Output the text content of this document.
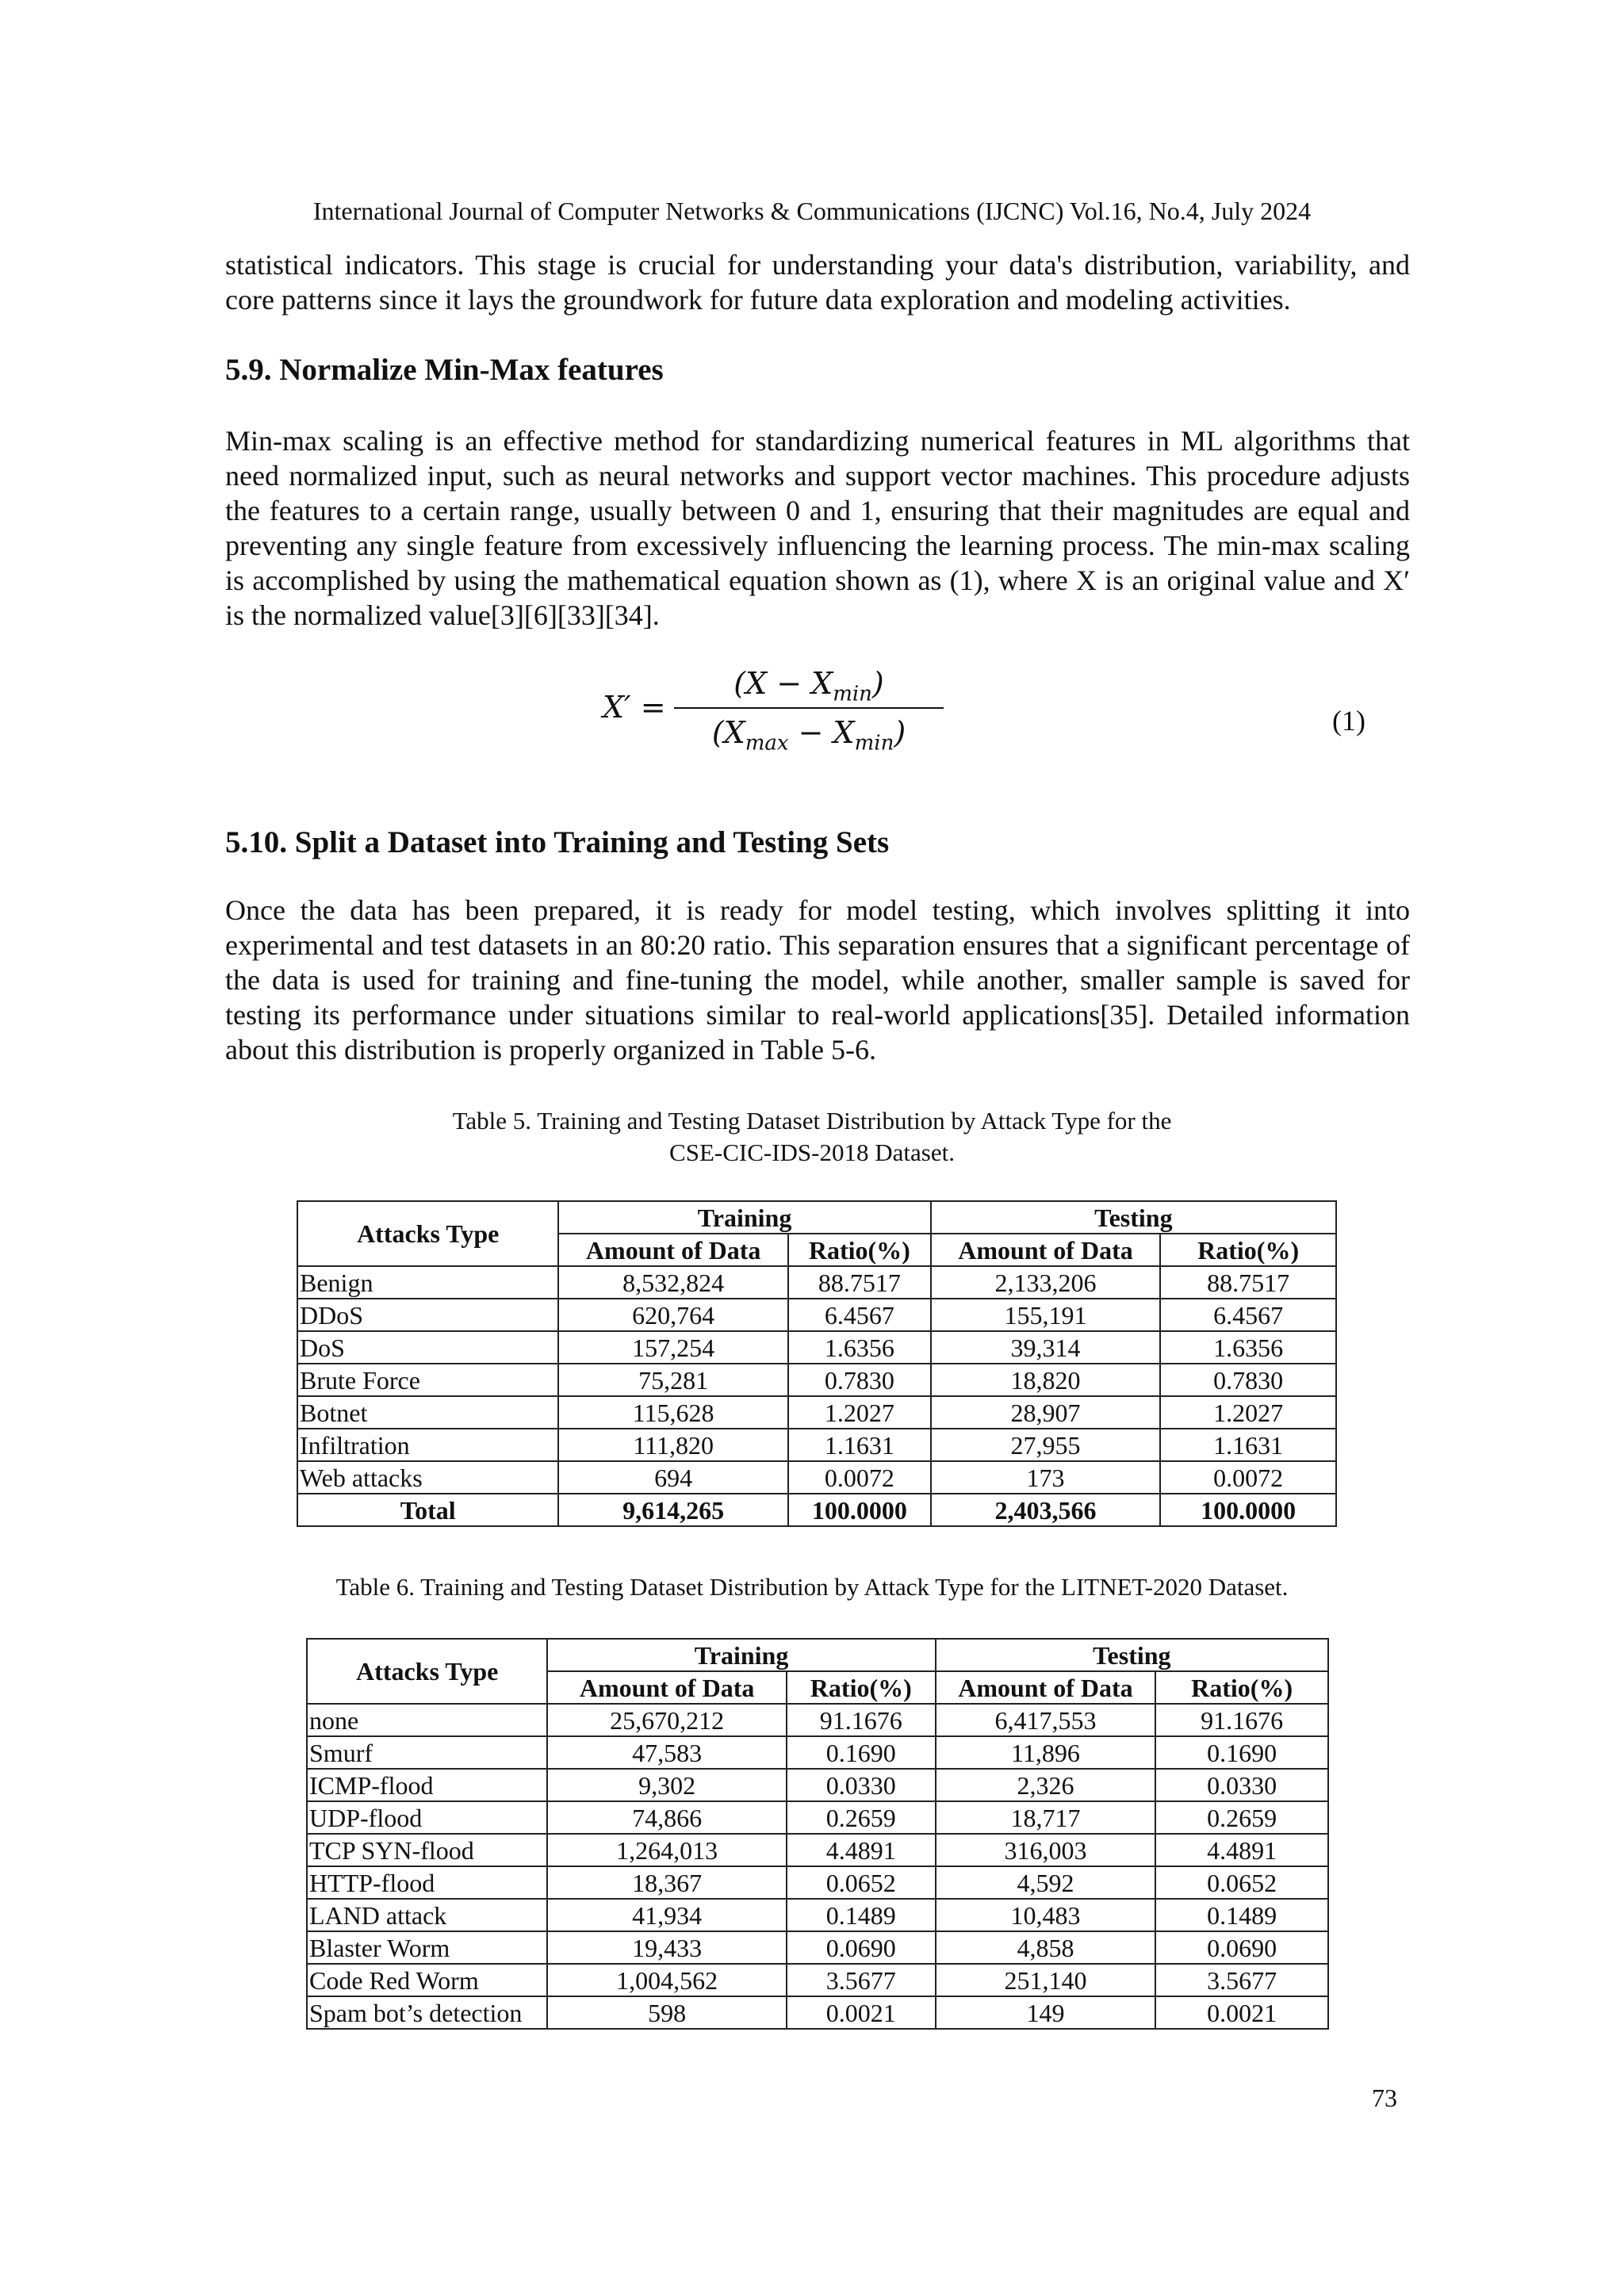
International Journal of Computer Networks & Communications (IJCNC) Vol.16, No.4, July 2024
statistical indicators. This stage is crucial for understanding your data's distribution, variability, and core patterns since it lays the groundwork for future data exploration and modeling activities.
5.9. Normalize Min-Max features
Min-max scaling is an effective method for standardizing numerical features in ML algorithms that need normalized input, such as neural networks and support vector machines. This procedure adjusts the features to a certain range, usually between 0 and 1, ensuring that their magnitudes are equal and preventing any single feature from excessively influencing the learning process. The min-max scaling is accomplished by using the mathematical equation shown as (1), where X is an original value and X′ is the normalized value[3][6][33][34].
X′ =
$(X - X_{min})$
$(X_{max} - X_{min})$	(1)
5.10. Split a Dataset into Training and Testing Sets
Once the data has been prepared, it is ready for model testing, which involves splitting it into experimental and test datasets in an 80:20 ratio. This separation ensures that a significant percentage of the data is used for training and fine-tuning the model, while another, smaller sample is saved for testing its performance under situations similar to real-world applications[35]. Detailed information about this distribution is properly organized in Table 5-6.
Table 5. Training and Testing Dataset Distribution by Attack Type for the
CSE-CIC-IDS-2018 Dataset.
Attacks Type	Training		Testing	
	Amount of Data	Ratio(%)	Amount of Data	Ratio(%)
Benign	8,532,824	88.7517	2,133,206	88.7517
DDoS	620,764	6.4567	155,191	6.4567
DoS	157,254	1.6356	39,314	1.6356
Brute Force	75,281	0.7830	18,820	0.7830
Botnet	115,628	1.2027	28,907	1.2027
Infiltration	111,820	1.1631	27,955	1.1631
Web attacks	694	0.0072	173	0.0072
Total	9,614,265	100.0000	2,403,566	100.0000
Table 6. Training and Testing Dataset Distribution by Attack Type for the LITNET-2020 Dataset.
Attacks Type	Training		Testing	
	Amount of Data	Ratio(%)	Amount of Data	Ratio(%)
none	25,670,212	91.1676	6,417,553	91.1676
Smurf	47,583	0.1690	11,896	0.1690
ICMP-flood	9,302	0.0330	2,326	0.0330
UDP-flood	74,866	0.2659	18,717	0.2659
TCP SYN-flood	1,264,013	4.4891	316,003	4.4891
HTTP-flood	18,367	0.0652	4,592	0.0652
LAND attack	41,934	0.1489	10,483	0.1489
Blaster Worm	19,433	0.0690	4,858	0.0690
Code Red Worm	1,004,562	3.5677	251,140	3.5677
Spam bot’s detection	598	0.0021	149	0.0021
73
